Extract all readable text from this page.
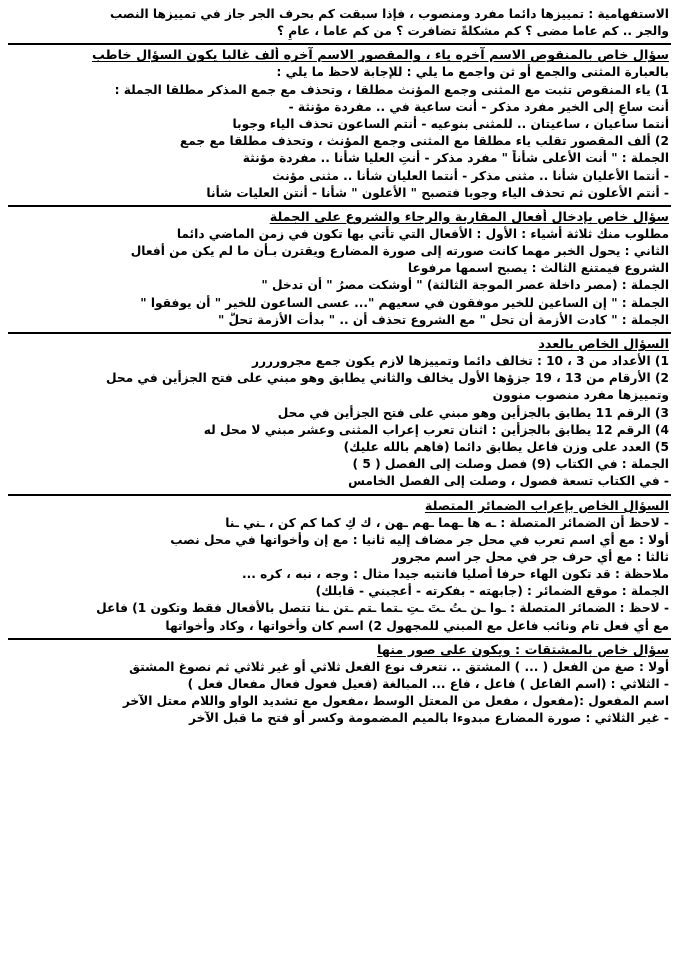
الاستفهامية : تمييزها دائما مفرد ومنصوب ، فإذا سبقت كم بحرف الجر جاز في تمييزها النصب
والجر .. كم عاما مضى ؟ كم مشكلةً تضافرت ؟ من كم عاما ، عامٍ ؟
سؤال خاص بالمنقوص الاسم آخره ياء ، والمقصور الاسم آخره ألف غالبا يكون السؤال خاطب
بالعبارة المثنى والجمع أو ثن واجمع ما يلي : للإجابة لاحظ ما يلي :
1) ياء المنقوص تثبت مع المثنى وجمع المؤنث مطلقا ، وتحذف مع جمع المذكر مطلقا الجملة :
أنت ساعٍ إلى الخير مفرد مذكر - أنت ساعية في .. مفردة مؤنثة -
أنتما ساعيان ، ساعيتان .. للمثنى بنوعيه - أنتم الساعون تحذف الياء وجوبا
2) ألف المقصور تقلب ياء مطلقا مع المثنى وجمع المؤنث ، وتحذف مطلقا مع جمع
الجملة : " أنت الأعلى شأناً " مفرد مذكر - أنتِ العليا شأنا .. مفردة مؤنثة
- أنتما الأعليان شأنا .. مثنى مذكر - أنتما العليان شأنا .. مثنى مؤنث
- أنتم الأعلون ثم تحذف الياء وجوبا فتصبح " الأعلون " شأنا - أنتن العليات شأنا
سؤال خاص بإدخال أفعال المقاربة والرجاء والشروع على الجملة
مطلوب منك ثلاثة أشياء : الأول : الأفعال التي تأتي بها تكون في زمن الماضي دائما
الثاني : يحول الخبر مهما كانت صورته إلى صورة المضارع ويقترن بـأن ما لم يكن من أفعال
الشروع فيمتنع الثالث : يصبح اسمها مرفوعا
الجملة : (مصر داخلة عصر الموجة الثالثة) " أوشكت مصرُ " أن تدخل "
الجملة : " إن الساعين للخير موفقون في سعيهم "... عسى الساعون للخير " أن يوفقوا "
الجملة : " كادت الأزمة أن تحل " مع الشروع تحذف أن .. " بدأت الأزمة تحلُّ "
السؤال الخاص بالعدد
1) الأعداد من 3 ، 10 : تخالف دائما وتمييزها لازم يكون جمع مجرورررر
2) الأرقام من 13 ، 19 جزؤها الأول يخالف والثاني يطابق وهو مبني على فتح الجزأين في محل
وتمييزها مفرد منصوب منوون
3) الرقم 11 يطابق بالجزأين وهو مبني على فتح الجزأين في محل
4) الرقم 12 يطابق بالجزأين : اثنان تعرب إعراب المثنى وعشر مبني لا محل له
5) العدد على وزن فاعل يطابق دائما (فاهم بالله عليك)
الجملة : في الكتاب (9) فصل وصلت إلى الفصل ( 5 )
- في الكتاب تسعة فصول ، وصلت إلى الفصل الخامس
السؤال الخاص بإعراب الضمائر المتصلة
- لاحظ أن الضمائر المتصلة : ـه ها ـهما ـهم ـهن ، ك كِ كما كم كن ، ـني ـنا
أولا : مع أي اسم تعرب في محل جر مضاف إليه ثانيا : مع إن وأخواتها في محل نصب
ثالثا : مع أي حرف جر في محل جر اسم مجرور
ملاحظة : قد تكون الهاء حرفا أصليا فانتبه جيدا مثال : وجه ، نبه ، كره ...
الجملة : موقع الضمائر : (جابهته - بفكرته - أعجبني - قابلك)
- لاحظ : الضمائر المتصلة : ـوا ـن ـتُ ـتَ ـتِ ـتما ـتم ـتن ـنا تتصل بالأفعال فقط وتكون 1) فاعل
مع أي فعل تام ونائب فاعل مع المبني للمجهول 2) اسم كان وأخواتها ، وكاد وأخواتها
سؤال خاص بالمشتقات : ويكون على صور منها
أولا : صغ من الفعل ( ... ) المشتق .. نتعرف نوع الفعل ثلاثي أو غير ثلاثي ثم نصوغ المشتق
- الثلاثي : (اسم الفاعل ) فاعل ، فاع ... المبالغة (فعيل فعول فعال مفعال فعل )
اسم المفعول :(مفعول ، مفعل من المعتل الوسط ،مفعول مع تشديد الواو واللام معتل الآخر
- غير الثلاثي : صورة المضارع مبدوءا بالميم المضمومة وكسر أو فتح ما قبل الآخر
